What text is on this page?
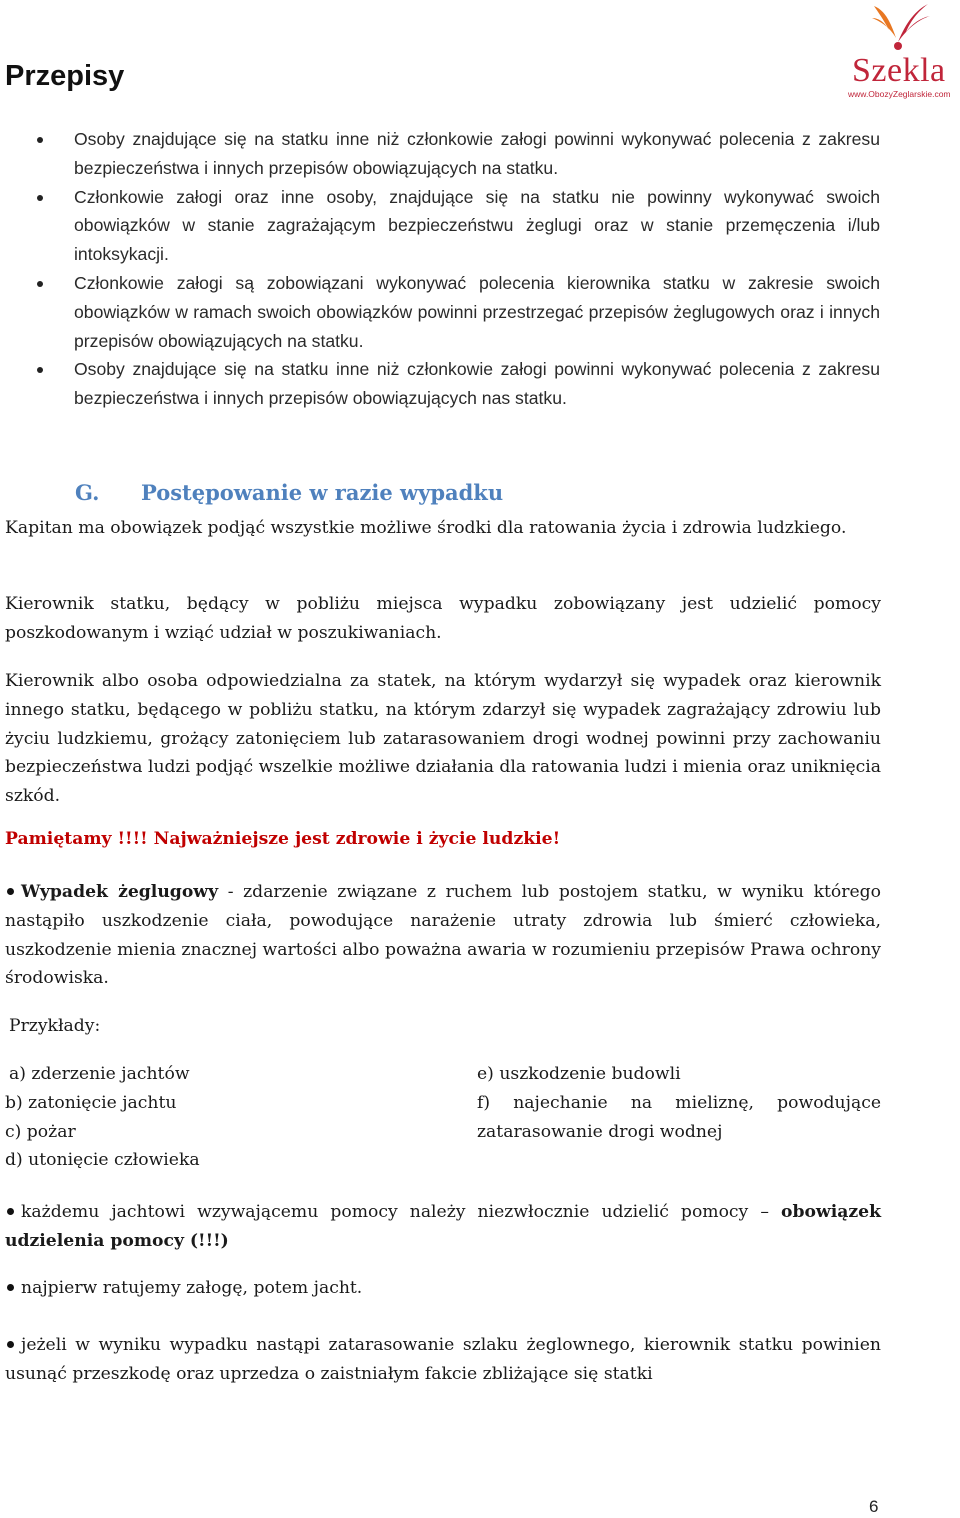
Przepisy	Szekla
www.ObozyZeglarskie.com
Osoby znajdujące się na statku inne niż członkowie załogi powinni wykonywać polecenia z zakresu bezpieczeństwa i innych przepisów obowiązujących na statku.
Członkowie załogi oraz inne osoby, znajdujące się na statku nie powinny wykonywać swoich obowiązków w stanie zagrażającym bezpieczeństwu żeglugi oraz w stanie przemęczenia i/lub intoksykacji.
Członkowie załogi są zobowiązani wykonywać polecenia kierownika statku w zakresie swoich obowiązków w ramach swoich obowiązków powinni przestrzegać przepisów żeglugowych oraz i innych przepisów obowiązujących na statku.
Osoby znajdujące się na statku inne niż członkowie załogi powinni wykonywać polecenia z zakresu bezpieczeństwa i innych przepisów obowiązujących nas statku.
G. Postępowanie w razie wypadku

Kapitan ma obowiązek podjąć wszystkie możliwe środki dla ratowania życia i zdrowia ludzkiego.

Kierownik statku, będący w pobliżu miejsca wypadku zobowiązany jest udzielić pomocy poszkodowanym i wziąć udział w poszukiwaniach.

Kierownik albo osoba odpowiedzialna za statek, na którym wydarzył się wypadek oraz kierownik innego statku, będącego w pobliżu statku, na którym zdarzył się wypadek zagrażający zdrowiu lub życiu ludzkiemu, grożący zatonięciem lub zatarasowaniem drogi wodnej powinni przy zachowaniu bezpieczeństwa ludzi podjąć wszelkie możliwe działania dla ratowania ludzi i mienia oraz uniknięcia szkód.

Pamiętamy !!!! Najważniejsze jest zdrowie i życie ludzkie!

Wypadek żeglugowy - zdarzenie związane z ruchem lub postojem statku, w wyniku którego nastąpiło uszkodzenie ciała, powodujące narażenie utraty zdrowia lub śmierć człowieka, uszkodzenie mienia znacznej wartości albo poważna awaria w rozumieniu przepisów Prawa ochrony środowiska.

Przykłady:

a) zderzenie jachtów
b) zatonięcie jachtu
c) pożar
d) utonięcie człowieka
e) uszkodzenie budowli
f) najechanie na mieliznę, powodujące
zatarasowanie drogi wodnej

każdemu jachtowi wzywającemu pomocy należy niezwłocznie udzielić pomocy – obowiązek udzielenia pomocy (!!!)

najpierw ratujemy załogę, potem jacht.

jeżeli w wyniku wypadku nastąpi zatarasowanie szlaku żeglownego, kierownik statku powinien usunąć przeszkodę oraz uprzedza o zaistniałym fakcie zbliżające się statki

6
